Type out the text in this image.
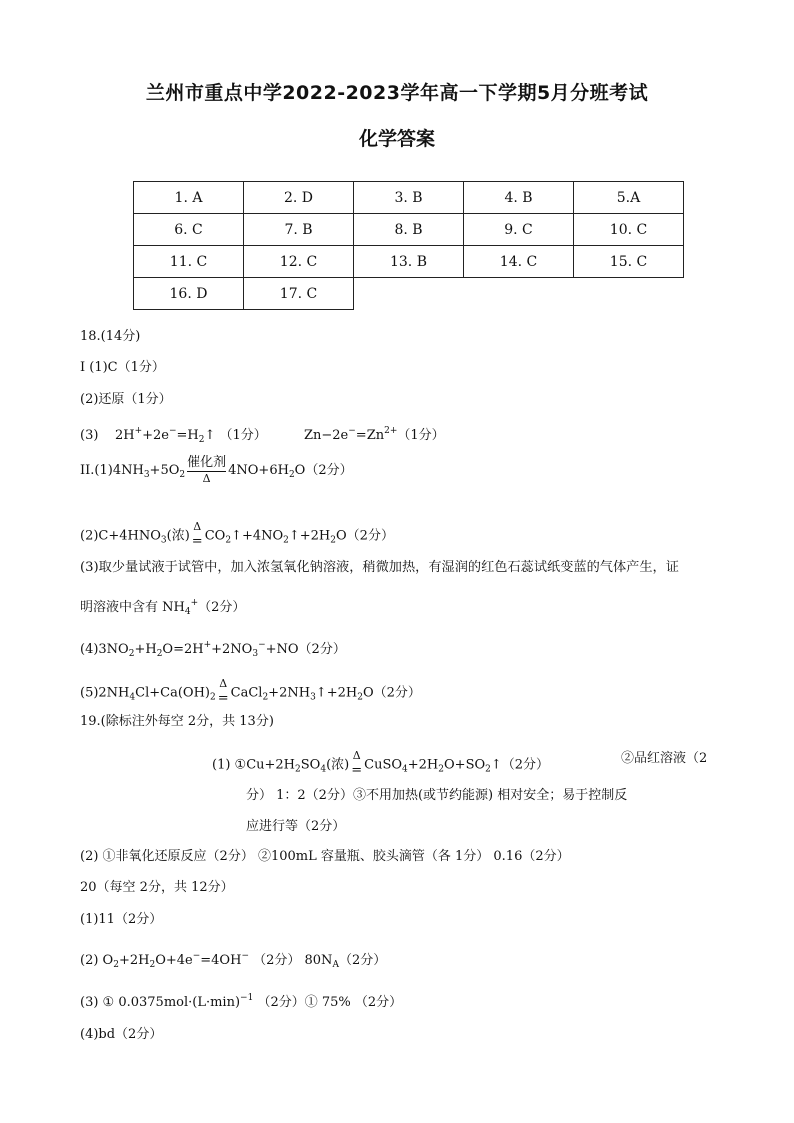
兰州市重点中学2022-2023学年高一下学期5月分班考试
化学答案
1. A	2. D	3. B	4. B	5.A
6. C	7. B	8. B	9. C	10. C
11. C	12. C	13. B	14. C	15. C
16. D	17. C			
18.(14分)
I (1)C（1分）
(2)还原（1分）
(3) $2H^++2e^-=H_2↑$ （1分）	$Zn-2e^-=Zn^{2+}(1$分）
$II.(1)4NH_3+5O_2$
催化剂
Δ
$4NO+6H_2O(2$分）
$(2)C+4HNO_3$(浓)
Δ
= $CO_2↑+4NO_2↑+2H_2O(2$分）
(3)取少量试液于试管中，加入浓氢氧化钠溶液，稍微加热，有湿润的红色石蕊试纸变蓝的气体产生，证
明溶液中含有 $NH_4^+(2$分）
$(4)3NO_2+H_2O=2H^++2NO_3^-+NO(2$分）
$(5)2NH_4Cl+Ca(OH)_2$
Δ
= $CaCl_2+2NH_3↑+2H_2O(2$分）
19.(除标注外每空 2分，共 13分)
(1) $①Cu+2H_2SO_4$(浓)
Δ
= $CuSO_4+2H_2O+SO_2↑(2$分）	②品红溶液（2
分） 1：2（2分）③不用加热(或节约能源) 相对安全；易于控制反
应进行等（2分）
(2) ①非氧化还原反应（2分） ②100mL 容量瓶、胶头滴管（各 1分） 0.16（2分）
20（每空 2分，共 12分）
(1)11（2分）
(2) $O_2+2H_2O+4e^-=4OH^-$ （2分） $80N_A(2$分）
(3) ① $0.0375mol\cdot(L\cdot\min)^{-1}$ （2分）① 75% （2分）
(4)bd（2分）
